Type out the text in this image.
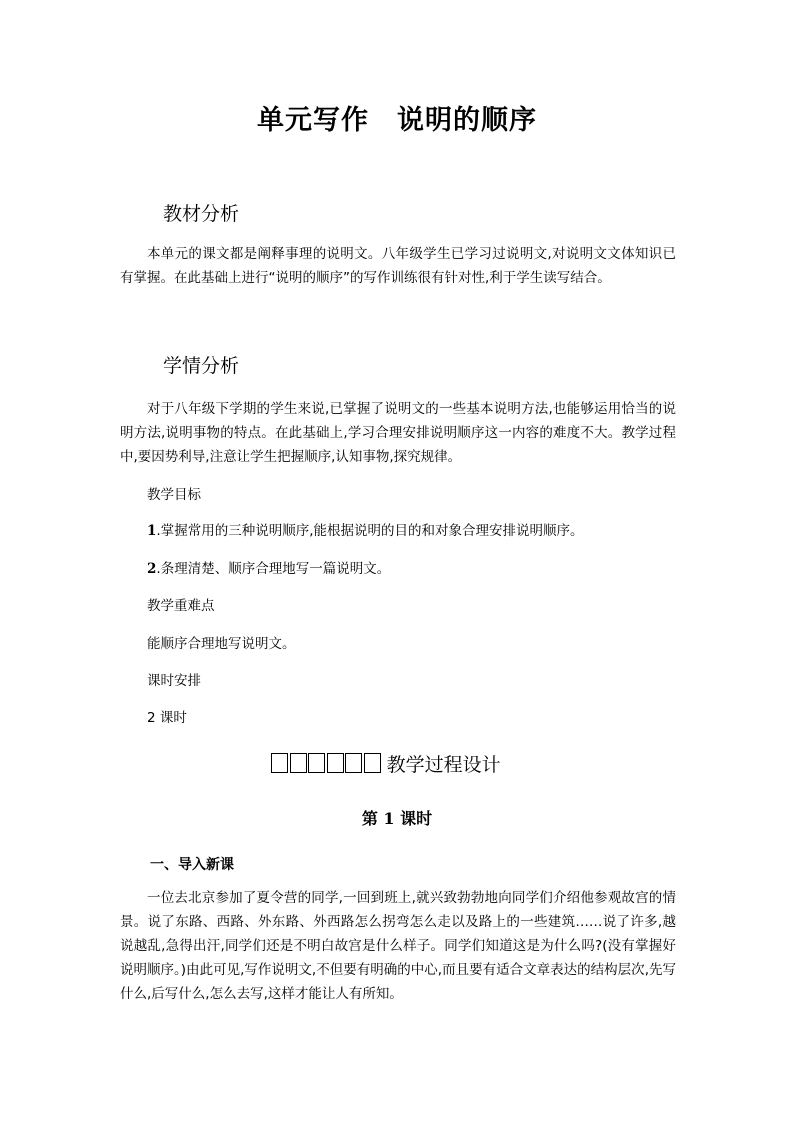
单元写作　说明的顺序
教材分析
本单元的课文都是阐释事理的说明文。八年级学生已学习过说明文,对说明文文体知识已有掌握。在此基础上进行“说明的顺序”的写作训练很有针对性,利于学生读写结合。
学情分析
对于八年级下学期的学生来说,已掌握了说明文的一些基本说明方法,也能够运用恰当的说明方法,说明事物的特点。在此基础上,学习合理安排说明顺序这一内容的难度不大。教学过程中,要因势利导,注意让学生把握顺序,认知事物,探究规律。
教学目标
1.掌握常用的三种说明顺序,能根据说明的目的和对象合理安排说明顺序。
2.条理清楚、顺序合理地写一篇说明文。
教学重难点
能顺序合理地写说明文。
课时安排
2 课时
教学过程设计
第 1 课时
一、导入新课
一位去北京参加了夏令营的同学,一回到班上,就兴致勃勃地向同学们介绍他参观故宫的情景。说了东路、西路、外东路、外西路怎么拐弯怎么走以及路上的一些建筑……说了许多,越说越乱,急得出汗,同学们还是不明白故宫是什么样子。同学们知道这是为什么吗?(没有掌握好说明顺序。)由此可见,写作说明文,不但要有明确的中心,而且要有适合文章表达的结构层次,先写什么,后写什么,怎么去写,这样才能让人有所知。
